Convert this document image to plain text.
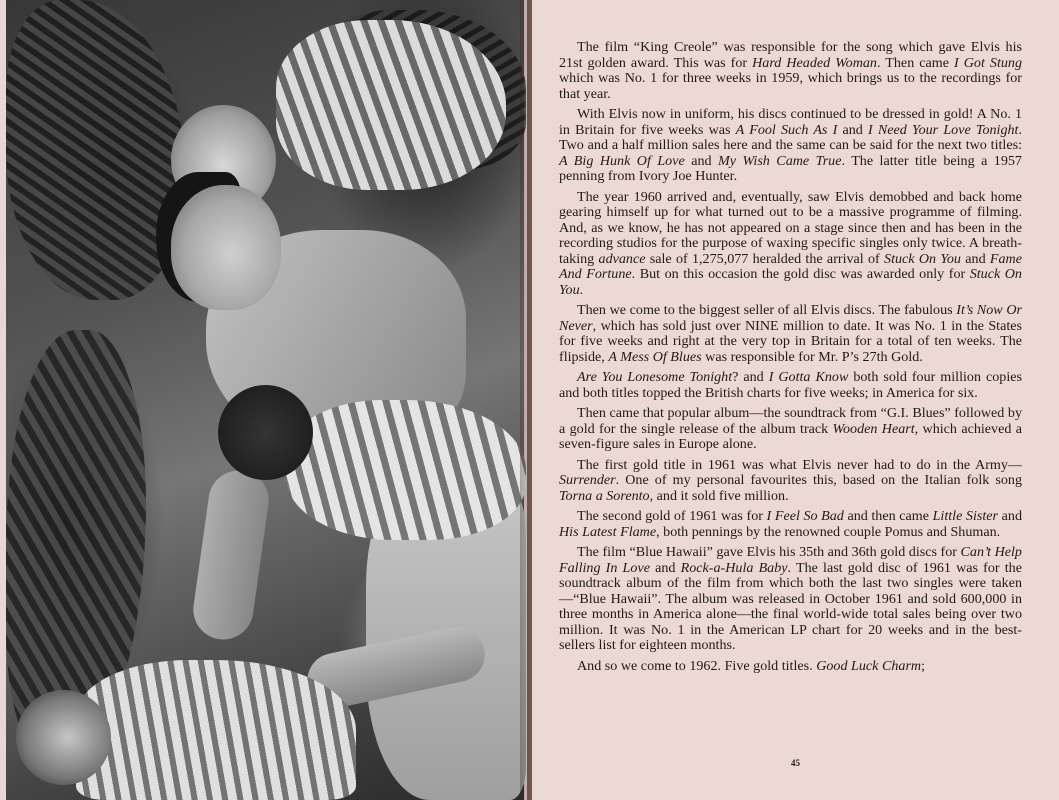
The film “King Creole” was responsible for the song which gave Elvis his 21st golden award. This was for Hard Headed Woman. Then came I Got Stung which was No. 1 for three weeks in 1959, which brings us to the recordings for that year.

With Elvis now in uniform, his discs continued to be dressed in gold! A No. 1 in Britain for five weeks was A Fool Such As I and I Need Your Love Tonight. Two and a half million sales here and the same can be said for the next two titles: A Big Hunk Of Love and My Wish Came True. The latter title being a 1957 penning from Ivory Joe Hunter.

The year 1960 arrived and, eventually, saw Elvis demobbed and back home gearing himself up for what turned out to be a massive programme of filming. And, as we know, he has not appeared on a stage since then and has been in the recording studios for the purpose of waxing specific singles only twice. A breath-taking advance sale of 1,275,077 heralded the arrival of Stuck On You and Fame And Fortune. But on this occasion the gold disc was awarded only for Stuck On You.

Then we come to the biggest seller of all Elvis discs. The fabulous It’s Now Or Never, which has sold just over NINE million to date. It was No. 1 in the States for five weeks and right at the very top in Britain for a total of ten weeks. The flipside, A Mess Of Blues was responsible for Mr. P’s 27th Gold.

Are You Lonesome Tonight? and I Gotta Know both sold four million copies and both titles topped the British charts for five weeks; in America for six.

Then came that popular album—the soundtrack from “G.I. Blues” followed by a gold for the single release of the album track Wooden Heart, which achieved a seven-figure sales in Europe alone.

The first gold title in 1961 was what Elvis never had to do in the Army—Surrender. One of my personal favourites this, based on the Italian folk song Torna a Sorento, and it sold five million.

The second gold of 1961 was for I Feel So Bad and then came Little Sister and His Latest Flame, both pennings by the renowned couple Pomus and Shuman.

The film “Blue Hawaii” gave Elvis his 35th and 36th gold discs for Can’t Help Falling In Love and Rock-a-Hula Baby. The last gold disc of 1961 was for the soundtrack album of the film from which both the last two singles were taken—“Blue Hawaii”. The album was released in October 1961 and sold 600,000 in three months in America alone—the final world-wide total sales being over two million. It was No. 1 in the American LP chart for 20 weeks and in the best-sellers list for eighteen months.

And so we come to 1962. Five gold titles. Good Luck Charm;

45
